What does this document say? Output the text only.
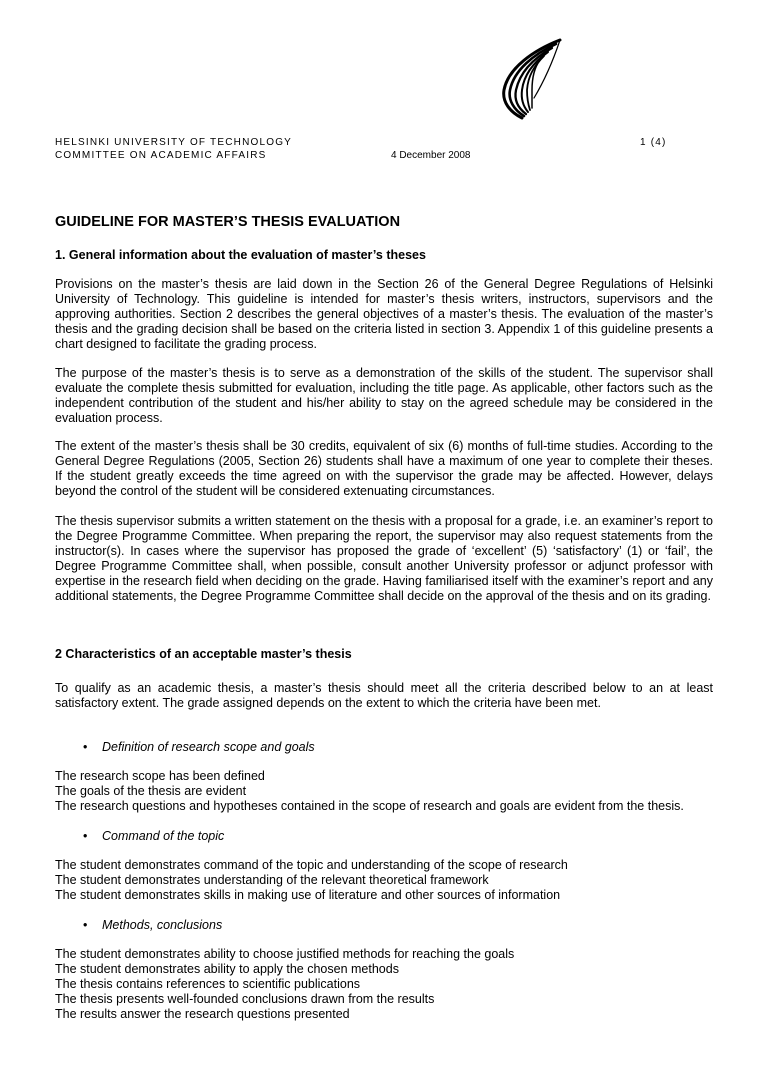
HELSINKI UNIVERSITY OF TECHNOLOGY	1 (4)
COMMITTEE ON ACADEMIC AFFAIRS	4 December 2008
GUIDELINE FOR MASTER’S THESIS EVALUATION
1. General information about the evaluation of master’s theses

Provisions on the master’s thesis are laid down in the Section 26 of the General Degree Regulations of Helsinki University of Technology. This guideline is intended for master’s thesis writers, instructors, supervisors and the approving authorities. Section 2 describes the general objectives of a master’s thesis. The evaluation of the master’s thesis and the grading decision shall be based on the criteria listed in section 3. Appendix 1 of this guideline presents a chart designed to facilitate the grading process.

The purpose of the master’s thesis is to serve as a demonstration of the skills of the student. The supervisor shall evaluate the complete thesis submitted for evaluation, including the title page. As applicable, other factors such as the independent contribution of the student and his/her ability to stay on the agreed schedule may be considered in the evaluation process.

The extent of the master’s thesis shall be 30 credits, equivalent of six (6) months of full-time studies. According to the General Degree Regulations (2005, Section 26) students shall have a maximum of one year to complete their theses. If the student greatly exceeds the time agreed on with the supervisor the grade may be affected. However, delays beyond the control of the student will be considered extenuating circumstances.

The thesis supervisor submits a written statement on the thesis with a proposal for a grade, i.e. an examiner’s report to the Degree Programme Committee. When preparing the report, the supervisor may also request statements from the instructor(s). In cases where the supervisor has proposed the grade of ‘excellent’ (5) ‘satisfactory’ (1) or ‘fail’, the Degree Programme Committee shall, when possible, consult another University professor or adjunct professor with expertise in the research field when deciding on the grade. Having familiarised itself with the examiner’s report and any additional statements, the Degree Programme Committee shall decide on the approval of the thesis and on its grading.

2 Characteristics of an acceptable master’s thesis

To qualify as an academic thesis, a master’s thesis should meet all the criteria described below to an at least satisfactory extent. The grade assigned depends on the extent to which the criteria have been met.

• Definition of research scope and goals
The research scope has been defined
The goals of the thesis are evident
The research questions and hypotheses contained in the scope of research and goals are evident from the thesis.
• Command of the topic
The student demonstrates command of the topic and understanding of the scope of research
The student demonstrates understanding of the relevant theoretical framework
The student demonstrates skills in making use of literature and other sources of information
• Methods, conclusions
The student demonstrates ability to choose justified methods for reaching the goals
The student demonstrates ability to apply the chosen methods
The thesis contains references to scientific publications
The thesis presents well-founded conclusions drawn from the results
The results answer the research questions presented
